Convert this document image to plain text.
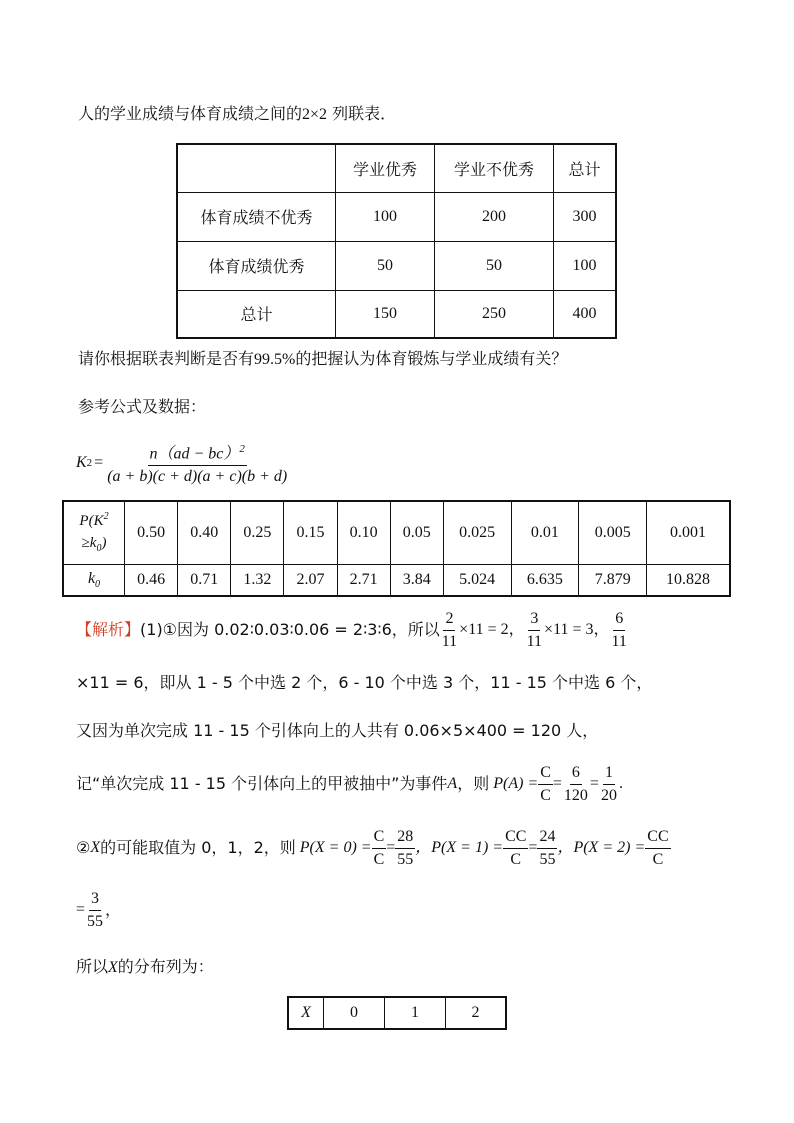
人的学业成绩与体育成绩之间的2×2 列联表．
	学业优秀	学业不优秀	总计
体育成绩不优秀	100	200	300
体育成绩优秀	50	50	100
总计	150	250	400
请你根据联表判断是否有99.5%的把握认为体育锻炼与学业成绩有关？
参考公式及数据：
K $2 = \frac{n(ad - bc)^2}{(a + b)(c + d)(a + c)(b + d)}$
$P(K^2$
$\ge k_0$)	0.50	0.40	0.25	0.15	0.10	0.05	0.025	0.01	0.005	0.001
$k_0$	0.46	0.71	1.32	2.07	2.71	3.84	5.024	6.635	7.879	10.828
【解析】 (1)①因为 0.02∶0.03∶0.06 = 2∶3∶6，所以 $\frac{2}{11} \times 11 = 2$， $\frac{3}{11} \times 11 = 3$， $\frac{6}{11}$
×11 = 6，即从 1 - 5 个中选 2 个，6 - 10 个中选 3 个，11 - 15 个中选 6 个，
又因为单次完成 11 - 15 个引体向上的人共有 0.06×5×400 = 120 人，
记“单次完成 11 - 15 个引体向上的甲被抽中”为事件 A ，则 $P(A) = \frac{C}{C} = \frac{6}{120} = \frac{1}{20}$ .
② X 的可能取值为 0，1，2，则 $P(X = 0) = \frac{C}{C} = \frac{28}{55}$ ，$P(X = 1) = \frac{CC}{C} = \frac{24}{55}$ ，$P(X = 2) = \frac{CC}{C}$
= $\frac{3}{55}$ ，
所以X的分布列为：
X	0	1	2
